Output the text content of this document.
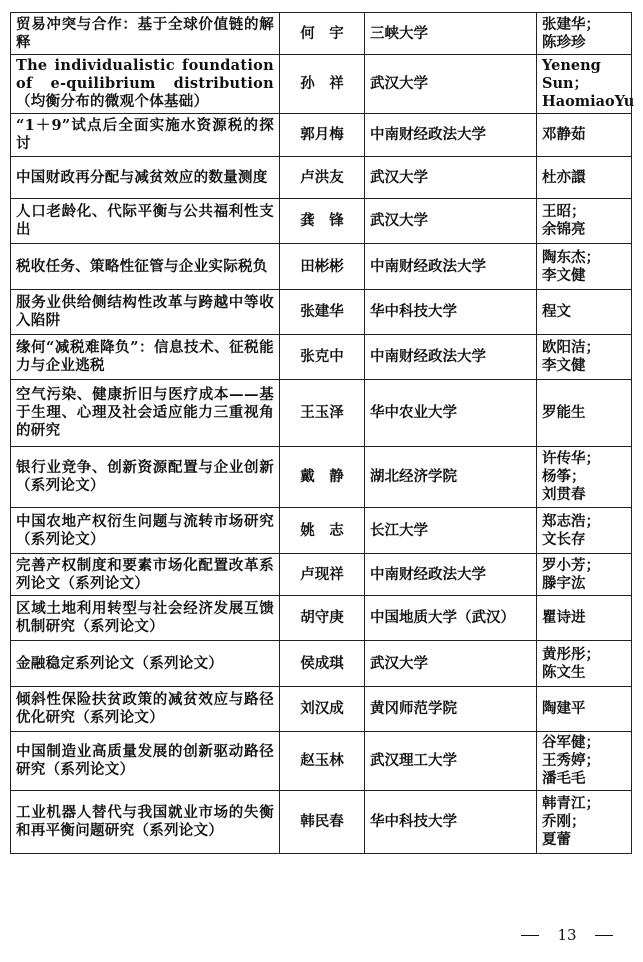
贸易冲突与合作：基于全球价值链的解释	何　宇	三峡大学	张建华；
陈珍珍
The individualistic foundation of e-quilibrium distribution（均衡分布的微观个体基础）	孙　祥	武汉大学	Yeneng Sun；
HaomiaoYu
“1＋9”试点后全面实施水资源税的探讨	郭月梅	中南财经政法大学	邓静茹
中国财政再分配与减贫效应的数量测度	卢洪友	武汉大学	杜亦譞
人口老龄化、代际平衡与公共福利性支出	龚　锋	武汉大学	王昭；
余锦亮
税收任务、策略性征管与企业实际税负	田彬彬	中南财经政法大学	陶东杰；
李文健
服务业供给侧结构性改革与跨越中等收入陷阱	张建华	华中科技大学	程文
缘何“减税难降负”：信息技术、征税能力与企业逃税	张克中	中南财经政法大学	欧阳洁；
李文健
空气污染、健康折旧与医疗成本——基于生理、心理及社会适应能力三重视角的研究	王玉泽	华中农业大学	罗能生
银行业竞争、创新资源配置与企业创新（系列论文）	戴　静	湖北经济学院	许传华；
杨筝；
刘贯春
中国农地产权衍生问题与流转市场研究（系列论文）	姚　志	长江大学	郑志浩；
文长存
完善产权制度和要素市场化配置改革系列论文（系列论文）	卢现祥	中南财经政法大学	罗小芳；
滕宇汯
区域土地利用转型与社会经济发展互馈机制研究（系列论文）	胡守庚	中国地质大学（武汉）	瞿诗进
金融稳定系列论文（系列论文）	侯成琪	武汉大学	黄彤彤；
陈文生
倾斜性保险扶贫政策的减贫效应与路径优化研究（系列论文）	刘汉成	黄冈师范学院	陶建平
中国制造业高质量发展的创新驱动路径研究（系列论文）	赵玉林	武汉理工大学	谷军健；
王秀婷；
潘毛毛
工业机器人替代与我国就业市场的失衡和再平衡问题研究（系列论文）	韩民春	华中科技大学	韩青江；
乔刚；
夏蕾
13
